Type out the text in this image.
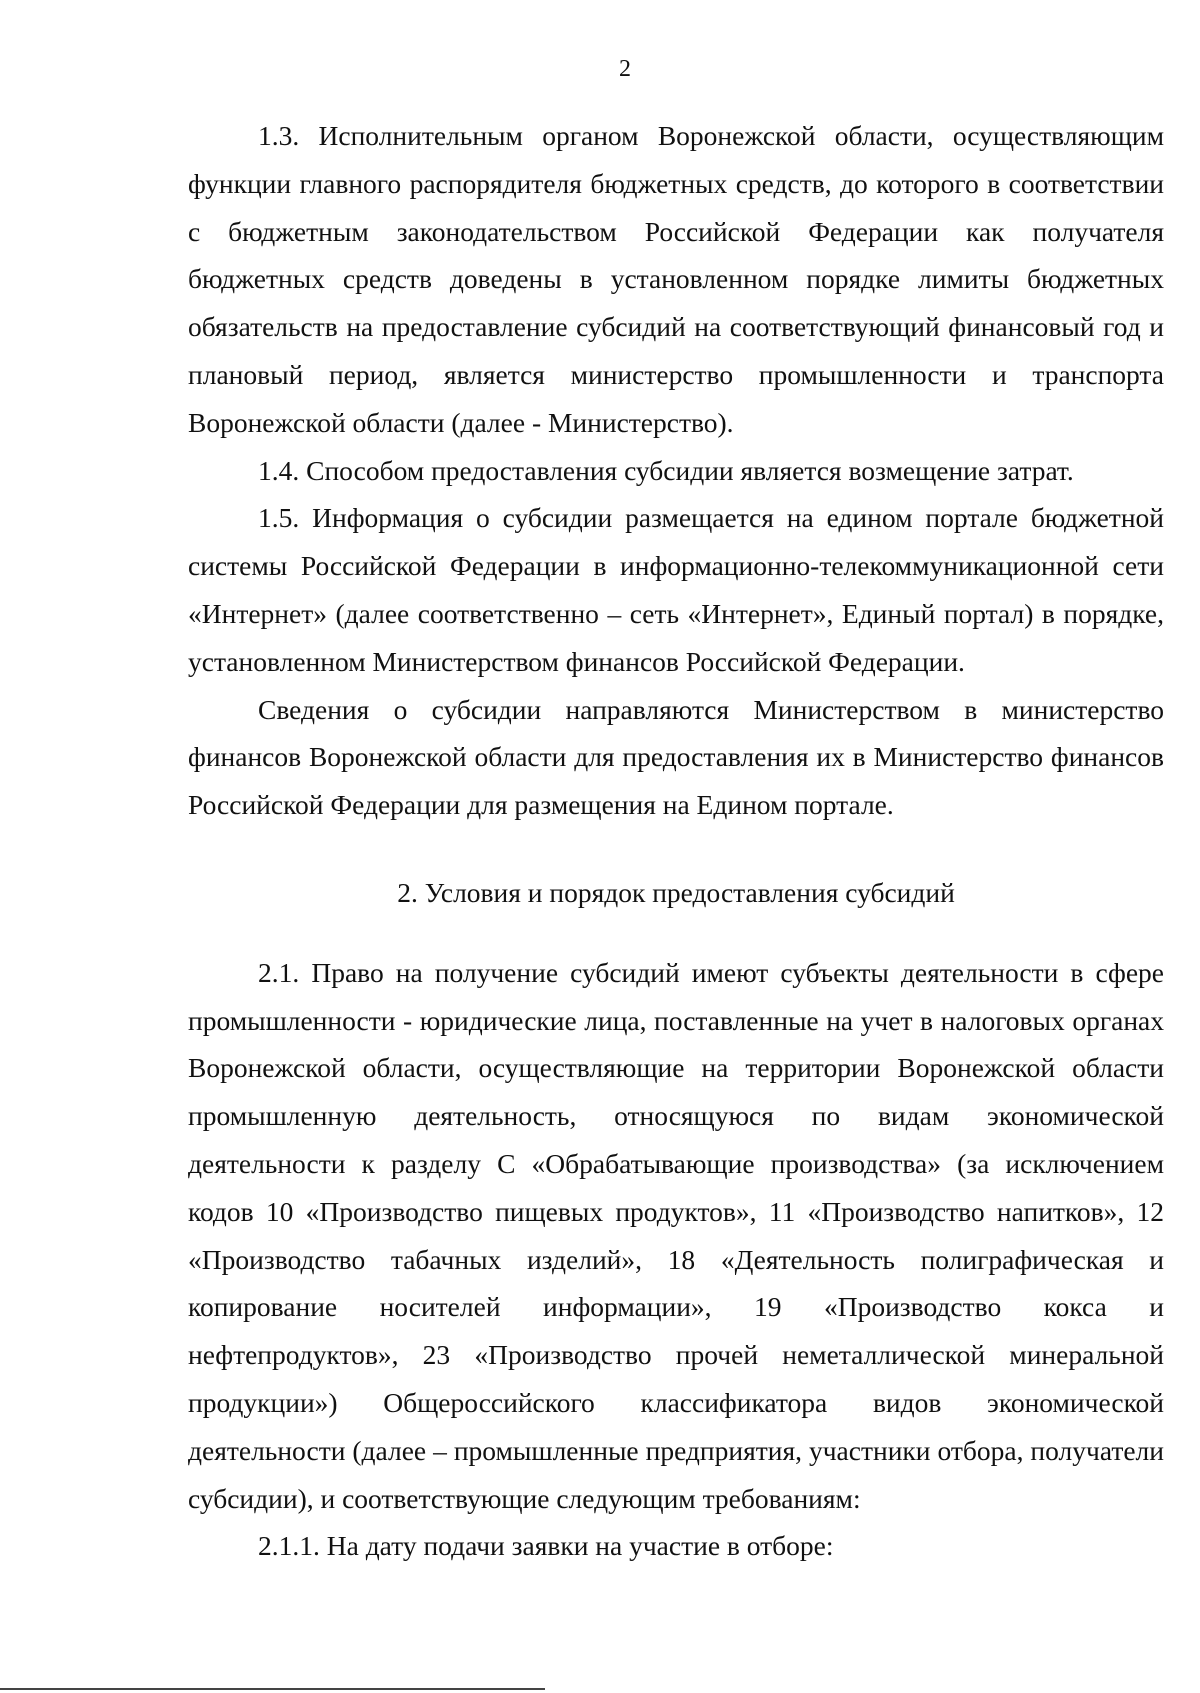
2

1.3. Исполнительным органом Воронежской области, осуществляющим функции главного распорядителя бюджетных средств, до которого в соответствии с бюджетным законодательством Российской Федерации как получателя бюджетных средств доведены в установленном порядке лимиты бюджетных обязательств на предоставление субсидий на соответствующий финансовый год и плановый период, является министерство промышленности и транспорта Воронежской области (далее - Министерство).

1.4. Способом предоставления субсидии является возмещение затрат.

1.5. Информация о субсидии размещается на едином портале бюджетной системы Российской Федерации в информационно-телекоммуникационной сети «Интернет» (далее соответственно – сеть «Интернет», Единый портал) в порядке, установленном Министерством финансов Российской Федерации.

Сведения о субсидии направляются Министерством в министерство финансов Воронежской области для предоставления их в Министерство финансов Российской Федерации для размещения на Едином портале.

2. Условия и порядок предоставления субсидий

2.1. Право на получение субсидий имеют субъекты деятельности в сфере промышленности - юридические лица, поставленные на учет в налоговых органах Воронежской области, осуществляющие на территории Воронежской области промышленную деятельность, относящуюся по видам экономической деятельности к разделу С «Обрабатывающие производства» (за исключением кодов 10 «Производство пищевых продуктов», 11 «Производство напитков», 12 «Производство табачных изделий», 18 «Деятельность полиграфическая и копирование носителей информации», 19 «Производство кокса и нефтепродуктов», 23 «Производство прочей неметаллической минеральной продукции») Общероссийского классификатора видов экономической деятельности (далее – промышленные предприятия, участники отбора, получатели субсидии), и соответствующие следующим требованиям:

2.1.1. На дату подачи заявки на участие в отборе:
